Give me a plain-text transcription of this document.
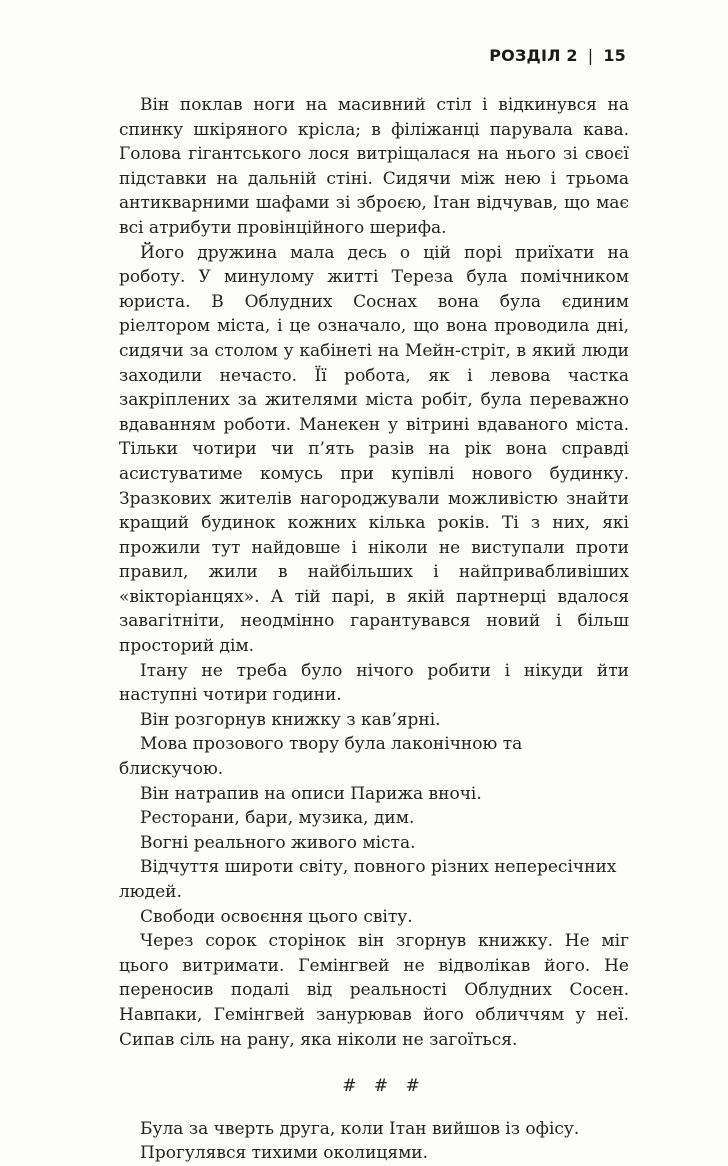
РОЗДІЛ 2 | 15

Він поклав ноги на масивний стіл і відкинувся на спинку шкіряного крісла; в філіжанці парувала кава. Голова гігантського лося витріщалася на нього зі своєї підставки на дальній стіні. Сидячи між нею і трьома антикварними шафами зі зброєю, Ітан відчував, що має всі атрибути провінційного шерифа.

Його дружина мала десь о цій порі приїхати на роботу. У минулому житті Тереза була помічником юриста. В Облудних Соснах вона була єдиним ріелтором міста, і це означало, що вона проводила дні, сидячи за столом у кабінеті на Мейн-стріт, в який люди заходили нечасто. Її робота, як і левова частка закріплених за жителями міста робіт, була переважно вдаванням роботи. Манекен у вітрині вдаваного міста. Тільки чотири чи п’ять разів на рік вона справді асистуватиме комусь при купівлі нового будинку. Зразкових жителів нагороджували можливістю знайти кращий будинок кожних кілька років. Ті з них, які прожили тут найдовше і ніколи не виступали проти правил, жили в найбільших і найпривабливіших «вікторіанцях». А тій парі, в якій партнерці вдалося завагітніти, неодмінно гарантувався новий і більш просторий дім.

Ітану не треба було нічого робити і нікуди йти наступні чотири години.

Він розгорнув книжку з кав’ярні.

Мова прозового твору була лаконічною та блискучою.

Він натрапив на описи Парижа вночі.

Ресторани, бари, музика, дим.

Вогні реального живого міста.

Відчуття широти світу, повного різних непересічних людей.

Свободи освоєння цього світу.

Через сорок сторінок він згорнув книжку. Не міг цього витримати. Гемінгвей не відволікав його. Не переносив подалі від реальності Облудних Сосен. Навпаки, Гемінгвей занурював його обличчям у неї. Сипав сіль на рану, яка ніколи не загоїться.

# # #

Була за чверть друга, коли Ітан вийшов із офісу.

Прогулявся тихими околицями.
